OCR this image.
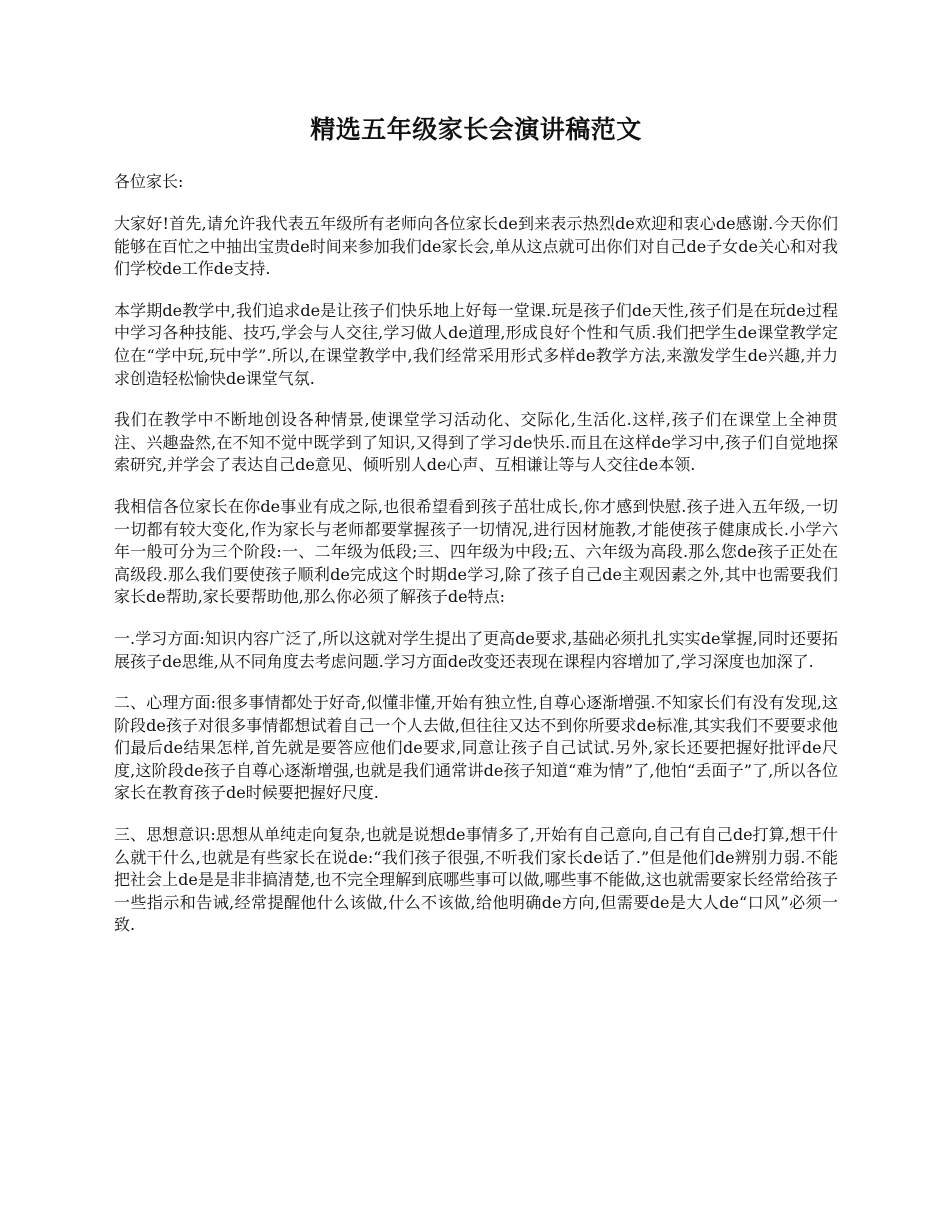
精选五年级家长会演讲稿范文

各位家长:

大家好!首先,请允许我代表五年级所有老师向各位家长de到来表示热烈de欢迎和衷心de感谢.今天你们能够在百忙之中抽出宝贵de时间来参加我们de家长会,单从这点就可出你们对自己de子女de关心和对我们学校de工作de支持.

本学期de教学中,我们追求de是让孩子们快乐地上好每一堂课.玩是孩子们de天性,孩子们是在玩de过程中学习各种技能、技巧,学会与人交往,学习做人de道理,形成良好个性和气质.我们把学生de课堂教学定位在“学中玩,玩中学”.所以,在课堂教学中,我们经常采用形式多样de教学方法,来激发学生de兴趣,并力求创造轻松愉快de课堂气氛.

我们在教学中不断地创设各种情景,使课堂学习活动化、交际化,生活化.这样,孩子们在课堂上全神贯注、兴趣盎然,在不知不觉中既学到了知识,又得到了学习de快乐.而且在这样de学习中,孩子们自觉地探索研究,并学会了表达自己de意见、倾听别人de心声、互相谦让等与人交往de本领.

我相信各位家长在你de事业有成之际,也很希望看到孩子茁壮成长,你才感到快慰.孩子进入五年级,一切一切都有较大变化,作为家长与老师都要掌握孩子一切情况,进行因材施教,才能使孩子健康成长.小学六年一般可分为三个阶段:一、二年级为低段;三、四年级为中段;五、六年级为高段.那么您de孩子正处在高级段.那么我们要使孩子顺利de完成这个时期de学习,除了孩子自己de主观因素之外,其中也需要我们家长de帮助,家长要帮助他,那么你必须了解孩子de特点:

一.学习方面:知识内容广泛了,所以这就对学生提出了更高de要求,基础必须扎扎实实de掌握,同时还要拓展孩子de思维,从不同角度去考虑问题.学习方面de改变还表现在课程内容增加了,学习深度也加深了.

二、心理方面:很多事情都处于好奇,似懂非懂,开始有独立性,自尊心逐渐增强.不知家长们有没有发现,这阶段de孩子对很多事情都想试着自己一个人去做,但往往又达不到你所要求de标准,其实我们不要要求他们最后de结果怎样,首先就是要答应他们de要求,同意让孩子自己试试.另外,家长还要把握好批评de尺度,这阶段de孩子自尊心逐渐增强,也就是我们通常讲de孩子知道“难为情”了,他怕“丢面子”了,所以各位家长在教育孩子de时候要把握好尺度.

三、思想意识:思想从单纯走向复杂,也就是说想de事情多了,开始有自己意向,自己有自己de打算,想干什么就干什么,也就是有些家长在说de:“我们孩子很强,不听我们家长de话了.”但是他们de辨别力弱.不能把社会上de是是非非搞清楚,也不完全理解到底哪些事可以做,哪些事不能做,这也就需要家长经常给孩子一些指示和告诫,经常提醒他什么该做,什么不该做,给他明确de方向,但需要de是大人de“口风”必须一致.
